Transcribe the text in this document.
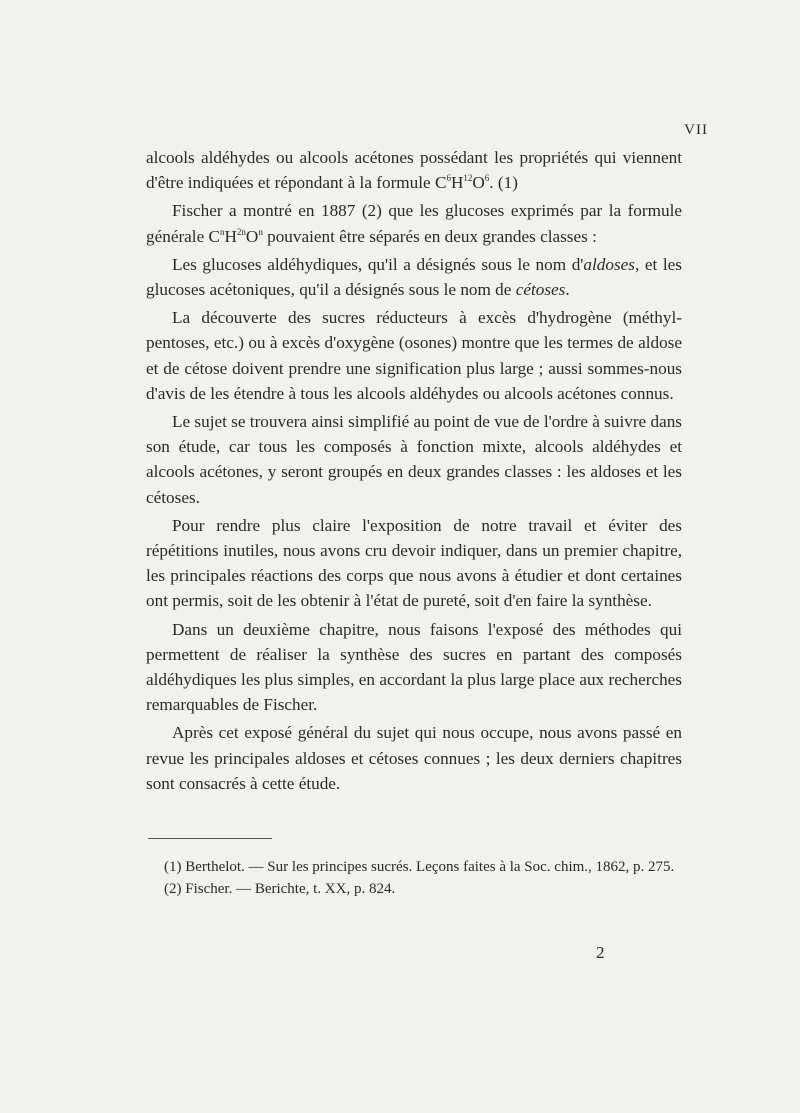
VII

alcools aldéhydes ou alcools acétones possédant les propriétés qui viennent d'être indiquées et répondant à la formule $C^6H^{12}O^6$. (1)

Fischer a montré en 1887 (2) que les glucoses exprimés par la formule générale $C^nH^{2n}O^n$ pouvaient être séparés en deux grandes classes :

Les glucoses aldéhydiques, qu'il a désignés sous le nom d'aldoses, et les glucoses acétoniques, qu'il a désignés sous le nom de cétoses.

La découverte des sucres réducteurs à excès d'hydrogène (méthyl-pentoses, etc.) ou à excès d'oxygène (osones) montre que les termes de aldose et de cétose doivent prendre une signification plus large ; aussi sommes-nous d'avis de les étendre à tous les alcools aldéhydes ou alcools acétones connus.

Le sujet se trouvera ainsi simplifié au point de vue de l'ordre à suivre dans son étude, car tous les composés à fonction mixte, alcools aldéhydes et alcools acétones, y seront groupés en deux grandes classes : les aldoses et les cétoses.

Pour rendre plus claire l'exposition de notre travail et éviter des répétitions inutiles, nous avons cru devoir indiquer, dans un premier chapitre, les principales réactions des corps que nous avons à étudier et dont certaines ont permis, soit de les obtenir à l'état de pureté, soit d'en faire la synthèse.

Dans un deuxième chapitre, nous faisons l'exposé des méthodes qui permettent de réaliser la synthèse des sucres en partant des composés aldéhydiques les plus simples, en accordant la plus large place aux recherches remarquables de Fischer.

Après cet exposé général du sujet qui nous occupe, nous avons passé en revue les principales aldoses et cétoses connues ; les deux derniers chapitres sont consacrés à cette étude.

(1) Berthelot. — Sur les principes sucrés. Leçons faites à la Soc. chim., 1862, p. 275.

(2) Fischer. — Berichte, t. XX, p. 824.

2
